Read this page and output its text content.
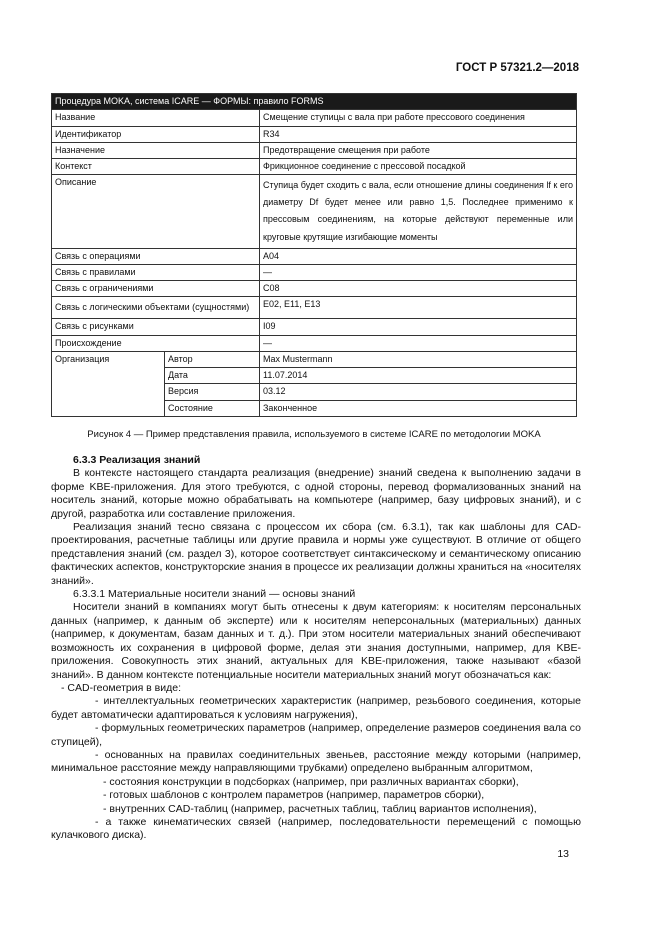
ГОСТ Р 57321.2—2018
Процедура MOKA, система ICARE — ФОРМЫ: правило FORMS		
Название		Смещение ступицы с вала при работе прессового соединения
Идентификатор		R34
Назначение		Предотвращение смещения при работе
Контекст		Фрикционное соединение с прессовой посадкой
Описание		Ступица будет сходить с вала, если отношение длины соединения lf к его диаметру Df будет менее или равно 1,5. Последнее применимо к прессовым соединениям, на которые действуют переменные или круговые крутящие изгибающие моменты
Связь с операциями		A04
Связь с правилами		—
Связь с ограничениями		C08
Связь с логическими объектами (сущностями)		E02, E11, E13
Связь с рисунками		I09
Происхождение		—
Организация	Автор	Max Mustermann
	Дата	11.07.2014
	Версия	03.12
	Состояние	Законченное
Рисунок 4 — Пример представления правила, используемого в системе ICARE по методологии MOKA

6.3.3 Реализация знаний

В контексте настоящего стандарта реализация (внедрение) знаний сведена к выполнению задачи в форме KBE-приложения. Для этого требуются, с одной стороны, перевод формализованных знаний на носитель знаний, которые можно обрабатывать на компьютере (например, базу цифровых знаний), и с другой, разработка или составление приложения.

Реализация знаний тесно связана с процессом их сбора (см. 6.3.1), так как шаблоны для CAD-проектирования, расчетные таблицы или другие правила и нормы уже существуют. В отличие от общего представления знаний (см. раздел 3), которое соответствует синтаксическому и семантическому описанию фактических аспектов, конструкторские знания в процессе их реализации должны храниться на «носителях знаний».

6.3.3.1 Материальные носители знаний — основы знаний

Носители знаний в компаниях могут быть отнесены к двум категориям: к носителям персональных данных (например, к данным об эксперте) или к носителям неперсональных (материальных) данных (например, к документам, базам данных и т. д.). При этом носители материальных знаний обеспечивают возможность их сохранения в цифровой форме, делая эти знания доступными, например, для KBE-приложения. Совокупность этих знаний, актуальных для KBE-приложения, также называют «базой знаний». В данном контексте потенциальные носители материальных знаний могут обозначаться как:

- CAD-геометрия в виде:

- интеллектуальных геометрических характеристик (например, резьбового соединения, которые будет автоматически адаптироваться к условиям нагружения),

- формульных геометрических параметров (например, определение размеров соединения вала со ступицей),

- основанных на правилах соединительных звеньев, расстояние между которыми (например, минимальное расстояние между направляющими трубками) определено выбранным алгоритмом,

- состояния конструкции в подсборках (например, при различных вариантах сборки),

- готовых шаблонов с контролем параметров (например, параметров сборки),

- внутренних CAD-таблиц (например, расчетных таблиц, таблиц вариантов исполнения),

- а также кинематических связей (например, последовательности перемещений с помощью кулачкового диска).

13
